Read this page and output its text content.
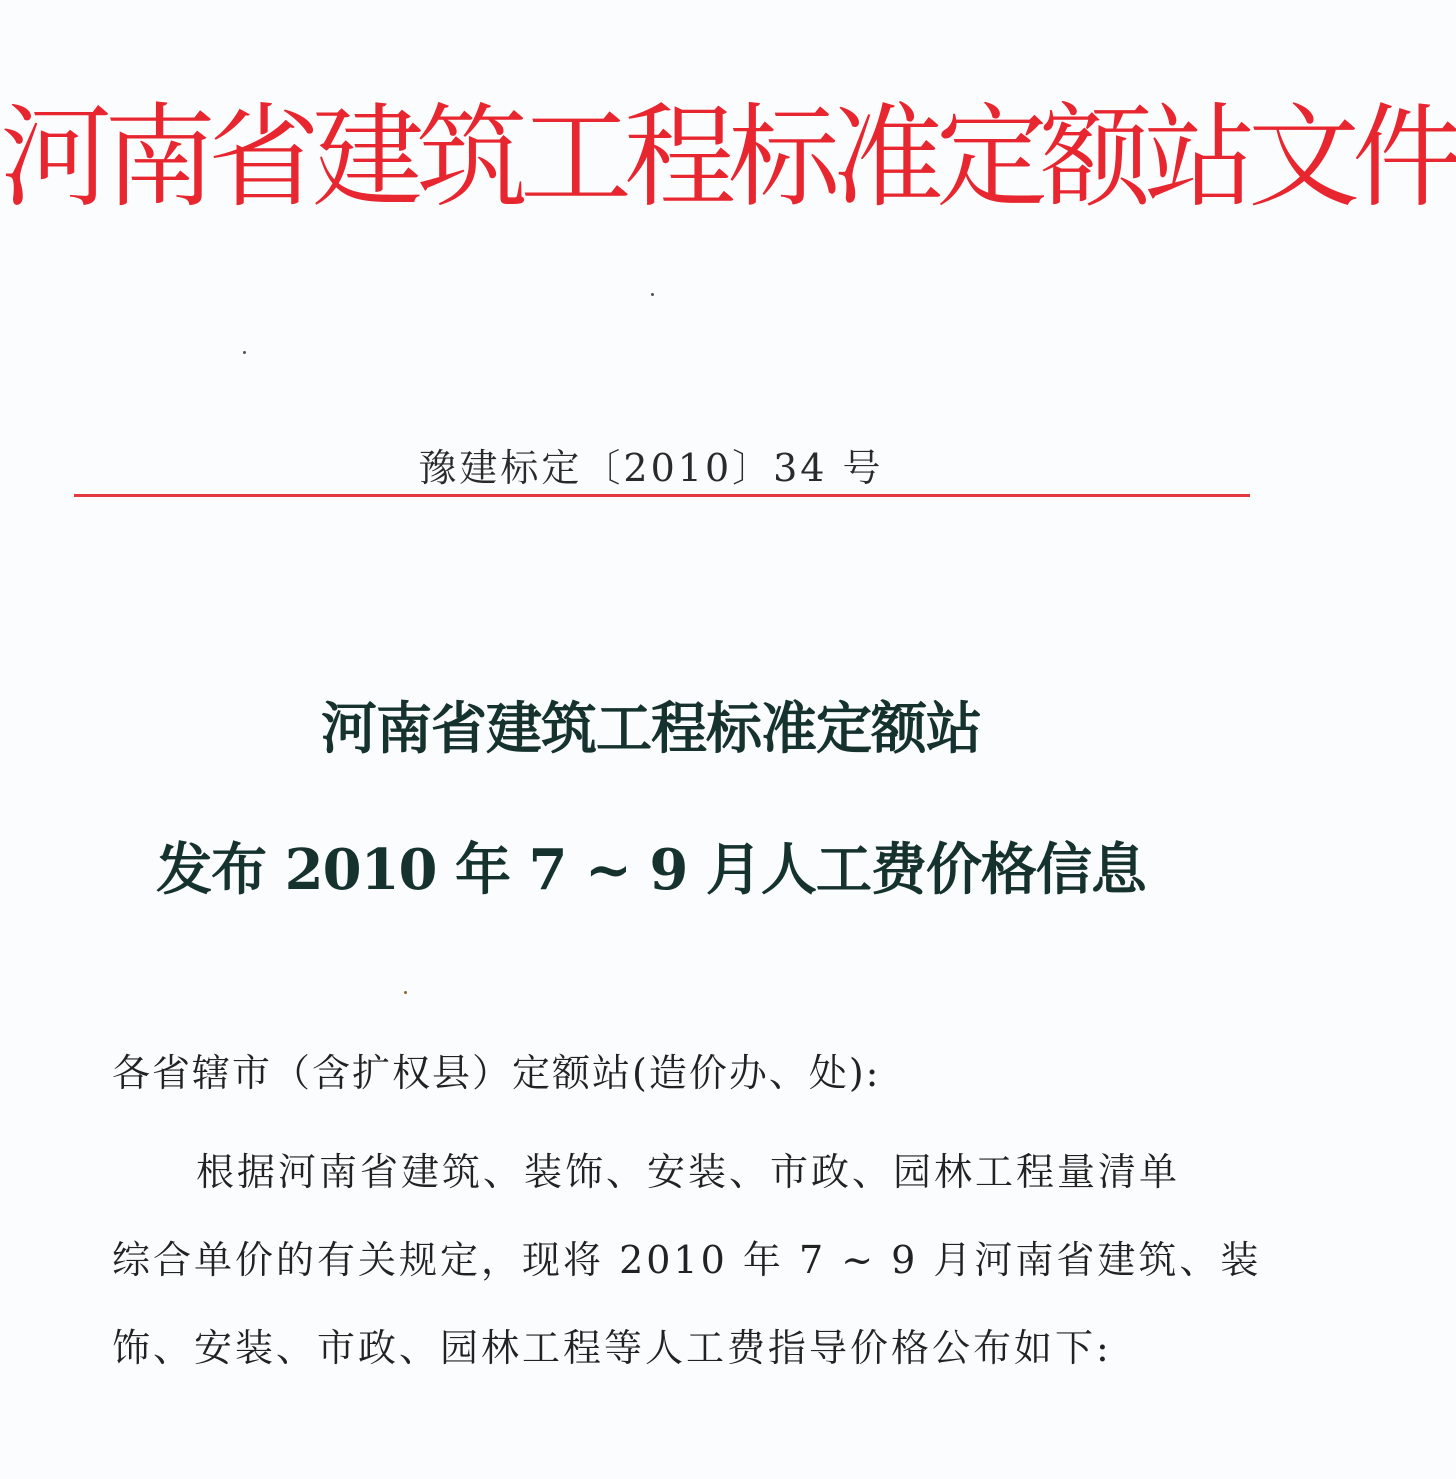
河南省建筑工程标准定额站文件
豫建标定〔2010〕34 号
河南省建筑工程标准定额站
发布 2010 年 7 ~ 9 月人工费价格信息
各省辖市（含扩权县）定额站(造价办、处):
根据河南省建筑、装饰、安装、市政、园林工程量清单
综合单价的有关规定，现将 2010 年 7 ~ 9 月河南省建筑、装
饰、安装、市政、园林工程等人工费指导价格公布如下:
